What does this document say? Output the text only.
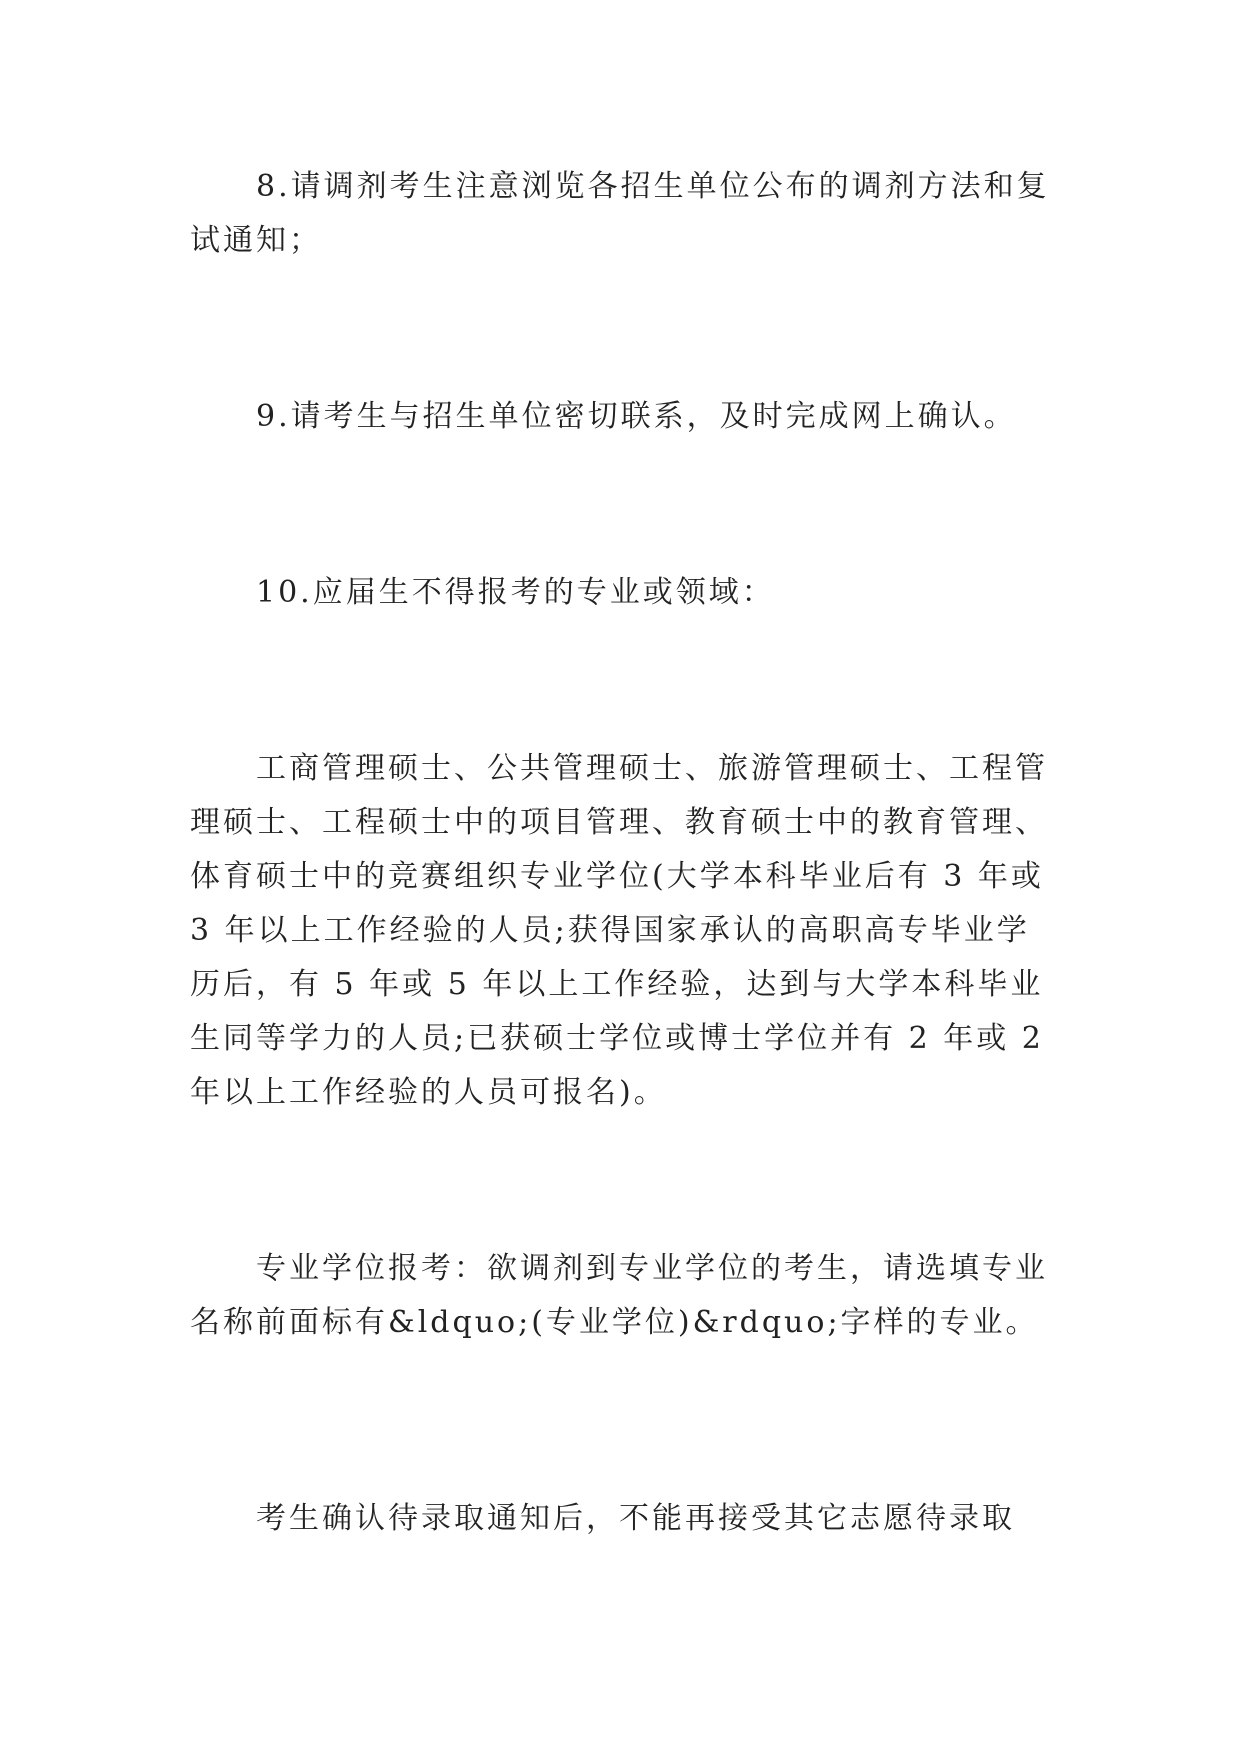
8.请调剂考生注意浏览各招生单位公布的调剂方法和复试通知；

9.请考生与招生单位密切联系，及时完成网上确认。

10.应届生不得报考的专业或领域：

工商管理硕士、公共管理硕士、旅游管理硕士、工程管理硕士、工程硕士中的项目管理、教育硕士中的教育管理、体育硕士中的竞赛组织专业学位(大学本科毕业后有 3 年或 3 年以上工作经验的人员;获得国家承认的高职高专毕业学历后，有 5 年或 5 年以上工作经验，达到与大学本科毕业生同等学力的人员;已获硕士学位或博士学位并有 2 年或 2 年以上工作经验的人员可报名)。

专业学位报考：欲调剂到专业学位的考生，请选填专业名称前面标有&ldquo;(专业学位)&rdquo;字样的专业。

考生确认待录取通知后，不能再接受其它志愿待录取
